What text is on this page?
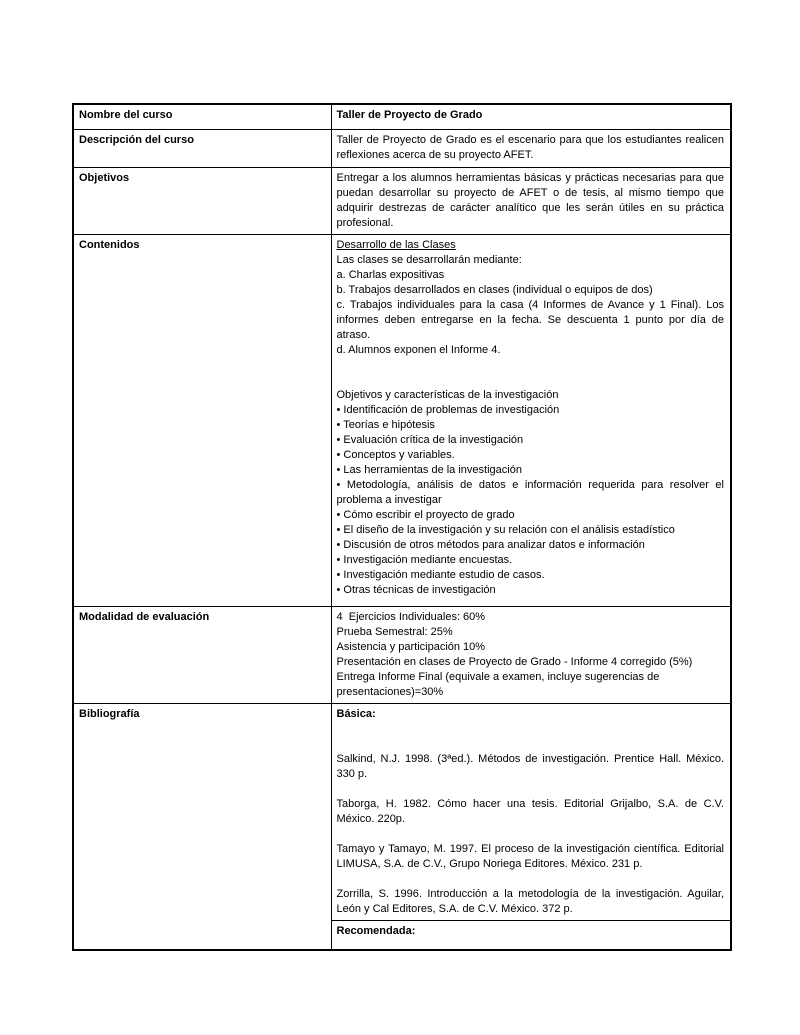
Nombre del curso	Taller de Proyecto de Grado
Descripción del curso	Taller de Proyecto de Grado es el escenario para que los estudiantes realicen reflexiones acerca de su proyecto AFET.
Objetivos	Entregar a los alumnos herramientas básicas y prácticas necesarias para que puedan desarrollar su proyecto de AFET o de tesis, al mismo tiempo que adquirir destrezas de carácter analítico que les serán útiles en su práctica profesional.
Contenidos	Desarrollo de las Clases
Las clases se desarrollarán mediante:
a. Charlas expositivas
b. Trabajos desarrollados en clases (individual o equipos de dos)
c. Trabajos individuales para la casa (4 Informes de Avance y 1 Final). Los informes deben entregarse en la fecha. Se descuenta 1 punto por día de atraso.
d. Alumnos exponen el Informe 4.
Objetivos y características de la investigación
• Identificación de problemas de investigación
• Teorías e hipótesis
• Evaluación crítica de la investigación
• Conceptos y variables.
• Las herramientas de la investigación
• Metodología, análisis de datos e información requerida para resolver el problema a investigar
• Cómo escribir el proyecto de grado
• El diseño de la investigación y su relación con el análisis estadístico
• Discusión de otros métodos para analizar datos e información
• Investigación mediante encuestas.
• Investigación mediante estudio de casos.
• Otras técnicas de investigación

Modalidad de evaluación	4  Ejercicios Individuales: 60%
Prueba Semestral: 25%
Asistencia y participación 10%
Presentación en clases de Proyecto de Grado - Informe 4 corregido (5%)
Entrega Informe Final (equivale a examen, incluye sugerencias de presentaciones)=30%

Bibliografía	Básica:
Salkind, N.J. 1998. (3ªed.). Métodos de investigación. Prentice Hall. México. 330 p.
Taborga, H. 1982. Cómo hacer una tesis. Editorial Grijalbo, S.A. de C.V. México. 220p.
Tamayo y Tamayo, M. 1997. El proceso de la investigación científica. Editorial LIMUSA, S.A. de C.V., Grupo Noriega Editores. México. 231 p.
Zorrilla, S. 1996. Introducción a la metodología de la investigación. Aguilar, León y Cal Editores, S.A. de C.V. México. 372 p.

	Recomendada:
